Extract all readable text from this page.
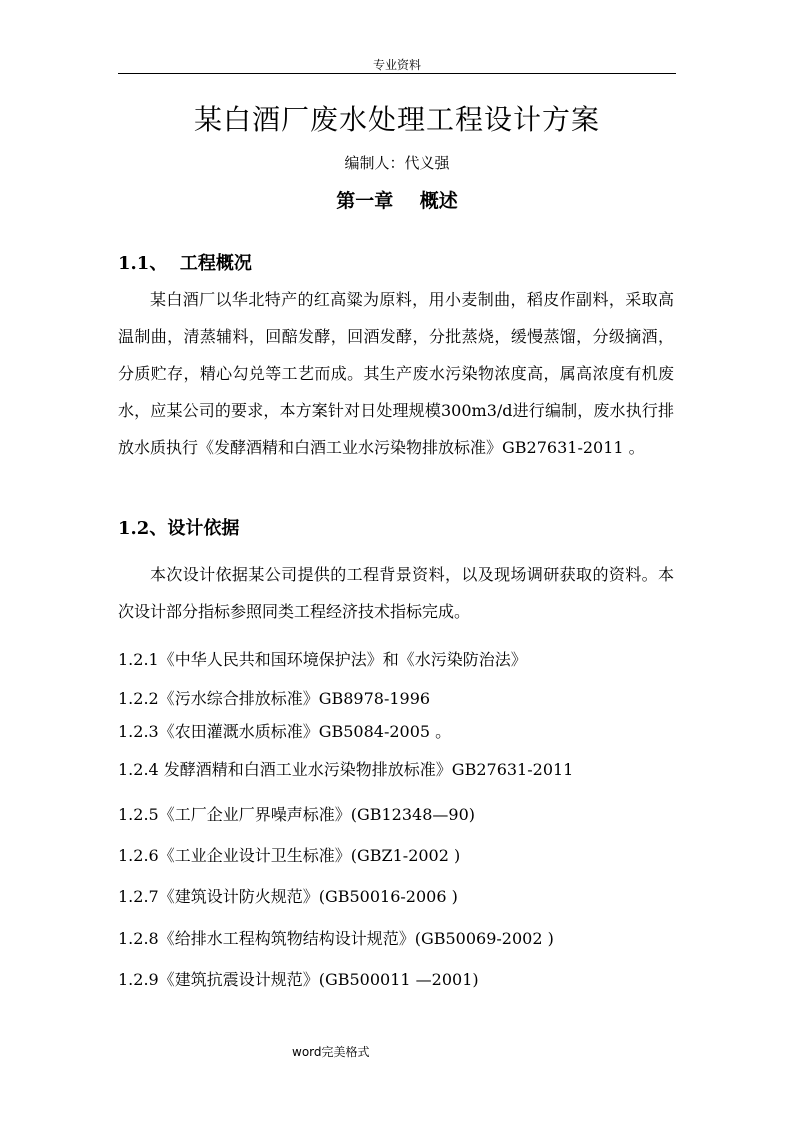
专业资料
某白酒厂废水处理工程设计方案
编制人：代义强
第一章    概述
1.1、  工程概况
某白酒厂以华北特产的红高粱为原料，用小麦制曲，稻皮作副料，采取高温制曲，清蒸辅料，回醅发酵，回酒发酵，分批蒸烧，缓慢蒸馏，分级摘酒，分质贮存，精心勾兑等工艺而成。其生产废水污染物浓度高，属高浓度有机废水，应某公司的要求，本方案针对日处理规模300m3/d进行编制，废水执行排放水质执行《发酵酒精和白酒工业水污染物排放标准》GB27631-2011 。
1.2、设计依据
本次设计依据某公司提供的工程背景资料，以及现场调研获取的资料。本次设计部分指标参照同类工程经济技术指标完成。
1.2.1《中华人民共和国环境保护法》和《水污染防治法》
1.2.2《污水综合排放标准》GB8978-1996
1.2.3《农田灌溉水质标准》GB5084-2005 。
1.2.4 发酵酒精和白酒工业水污染物排放标准》GB27631-2011
1.2.5《工厂企业厂界噪声标准》(GB12348—90)
1.2.6《工业企业设计卫生标准》(GBZ1-2002 )
1.2.7《建筑设计防火规范》(GB50016-2006 )
1.2.8《给排水工程构筑物结构设计规范》(GB50069-2002 )
1.2.9《建筑抗震设计规范》(GB500011 —2001)
word完美格式
